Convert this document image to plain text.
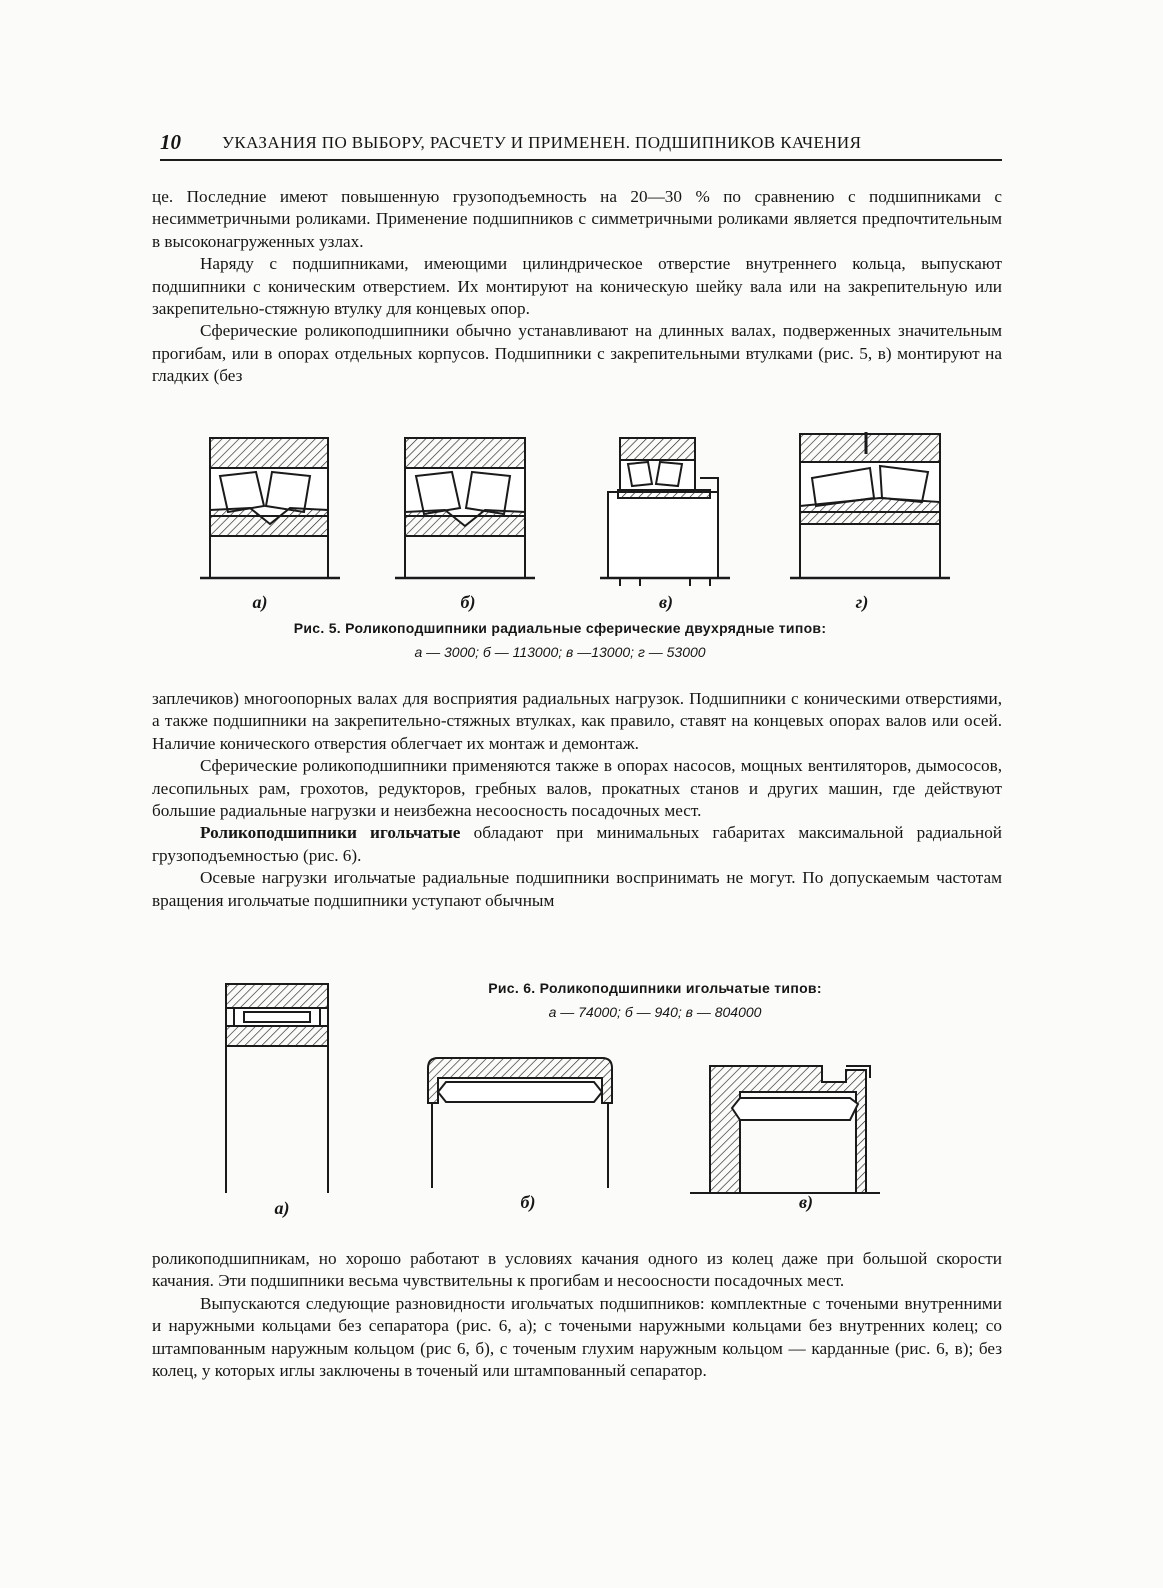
10 УКАЗАНИЯ ПО ВЫБОРУ, РАСЧЕТУ И ПРИМЕНЕН. ПОДШИПНИКОВ КАЧЕНИЯ

це. Последние имеют повышенную грузоподъемность на 20—30 % по сравнению с подшипниками с несимметричными роликами. Применение подшипников с симметричными роликами является предпочтительным в высоконагруженных узлах.

Наряду с подшипниками, имеющими цилиндрическое отверстие внутреннего кольца, выпускают подшипники с коническим отверстием. Их монтируют на коническую шейку вала или на закрепительную или закрепительно-стяжную втулку для концевых опор.

Сферические роликоподшипники обычно устанавливают на длинных валах, подверженных значительным прогибам, или в опорах отдельных корпусов. Подшипники с закрепительными втулками (рис. 5, в) монтируют на гладких (без

а)	б)	в)	г)
Рис. 5. Роликоподшипники радиальные сферические двухрядные типов:
а — 3000; б — 113000; в —13000; г — 53000

заплечиков) многоопорных валах для восприятия радиальных нагрузок. Подшипники с коническими отверстиями, а также подшипники на закрепительно-стяжных втулках, как правило, ставят на концевых опорах валов или осей. Наличие конического отверстия облегчает их монтаж и демонтаж.

Сферические роликоподшипники применяются также в опорах насосов, мощных вентиляторов, дымососов, лесопильных рам, грохотов, редукторов, гребных валов, прокатных станов и других машин, где действуют большие радиальные нагрузки и неизбежна несоосность посадочных мест.

Роликоподшипники игольчатые обладают при минимальных габаритах максимальной радиальной грузоподъемностью (рис. 6).

Осевые нагрузки игольчатые радиальные подшипники воспринимать не могут. По допускаемым частотам вращения игольчатые подшипники уступают обычным

Рис. 6. Роликоподшипники игольчатые типов:
а — 74000; б — 940; в — 804000
а)	б)	в)

роликоподшипникам, но хорошо работают в условиях качания одного из колец даже при большой скорости качания. Эти подшипники весьма чувствительны к прогибам и несоосности посадочных мест.

Выпускаются следующие разновидности игольчатых подшипников: комплектные с точеными внутренними и наружными кольцами без сепаратора (рис. 6, а); с точеными наружными кольцами без внутренних колец; со штампованным наружным кольцом (рис 6, б), с точеным глухим наружным кольцом — карданные (рис. 6, в); без колец, у которых иглы заключены в точеный или штампованный сепаратор.
